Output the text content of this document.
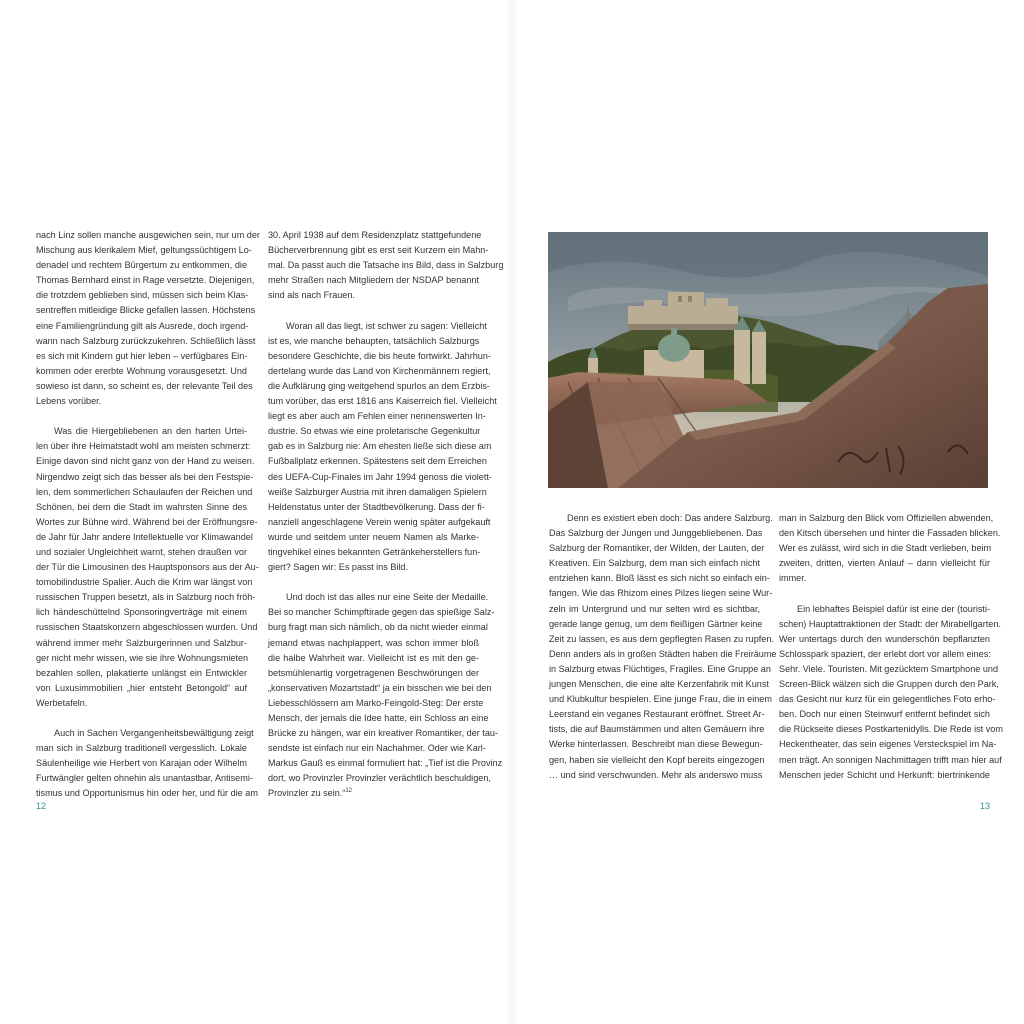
nach Linz sollen manche ausgewichen sein, nur um der
Mischung aus klerikalem Mief, geltungssüchtigem Lo-
denadel und rechtem Bürgertum zu entkommen, die
Thomas Bernhard einst in Rage versetzte. Diejenigen,
die trotzdem geblieben sind, müssen sich beim Klas-
sentreffen mitleidige Blicke gefallen lassen. Höchstens
eine Familiengründung gilt als Ausrede, doch irgend-
wann nach Salzburg zurückzukehren. Schließlich lässt
es sich mit Kindern gut hier leben – verfügbares Ein-
kommen oder ererbte Wohnung vorausgesetzt. Und
sowieso ist dann, so scheint es, der relevante Teil des
Lebens vorüber.
Was die Hiergebliebenen an den harten Urtei-
len über ihre Heimatstadt wohl am meisten schmerzt:
Einige davon sind nicht ganz von der Hand zu weisen.
Nirgendwo zeigt sich das besser als bei den Festspie-
len, dem sommerlichen Schaulaufen der Reichen und
Schönen, bei dem die Stadt im wahrsten Sinne des
Wortes zur Bühne wird. Während bei der Eröffnungsre-
de Jahr für Jahr andere Intellektuelle vor Klimawandel
und sozialer Ungleichheit warnt, stehen draußen vor
der Tür die Limousinen des Hauptsponsors aus der Au-
tomobilindustrie Spalier. Auch die Krim war längst von
russischen Truppen besetzt, als in Salzburg noch fröh-
lich händeschüttelnd Sponsoringverträge mit einem
russischen Staatskonzern abgeschlossen wurden. Und
während immer mehr Salzburgerinnen und Salzbur-
ger nicht mehr wissen, wie sie ihre Wohnungsmieten
bezahlen sollen, plakatierte unlängst ein Entwickler
von Luxusimmobilien „hier entsteht Betongold“ auf
Werbetafeln.
Auch in Sachen Vergangenheitsbewältigung zeigt
man sich in Salzburg traditionell vergesslich. Lokale
Säulenheilige wie Herbert von Karajan oder Wilhelm
Furtwängler gelten ohnehin als unantastbar, Antisemi-
tismus und Opportunismus hin oder her, und für die am
30. April 1938 auf dem Residenzplatz stattgefundene
Bücherverbrennung gibt es erst seit Kurzem ein Mahn-
mal. Da passt auch die Tatsache ins Bild, dass in Salzburg
mehr Straßen nach Mitgliedern der NSDAP benannt
sind als nach Frauen.
Woran all das liegt, ist schwer zu sagen: Vielleicht
ist es, wie manche behaupten, tatsächlich Salzburgs
besondere Geschichte, die bis heute fortwirkt. Jahrhun-
dertelang wurde das Land von Kirchenmännern regiert,
die Aufklärung ging weitgehend spurlos an dem Erzbis-
tum vorüber, das erst 1816 ans Kaiserreich fiel. Vielleicht
liegt es aber auch am Fehlen einer nennenswerten In-
dustrie. So etwas wie eine proletarische Gegenkultur
gab es in Salzburg nie: Am ehesten ließe sich diese am
Fußballplatz erkennen. Spätestens seit dem Erreichen
des UEFA-Cup-Finales im Jahr 1994 genoss die violett-
weiße Salzburger Austria mit ihren damaligen Spielern
Heldenstatus unter der Stadtbevölkerung. Dass der fi-
nanziell angeschlagene Verein wenig später aufgekauft
wurde und seitdem unter neuem Namen als Marke-
tingvehikel eines bekannten Getränkeherstellers fun-
giert? Sagen wir: Es passt ins Bild.
Und doch ist das alles nur eine Seite der Medaille.
Bei so mancher Schimpftirade gegen das spießige Salz-
burg fragt man sich nämlich, ob da nicht wieder einmal
jemand etwas nachplappert, was schon immer bloß
die halbe Wahrheit war. Vielleicht ist es mit den ge-
betsmühlenartig vorgetragenen Beschwörungen der
„konservativen Mozartstadt“ ja ein bisschen wie bei den
Liebesschlössern am Marko-Feingold-Steg: Der erste
Mensch, der jemals die Idee hatte, ein Schloss an eine
Brücke zu hängen, war ein kreativer Romantiker, der tau-
sendste ist einfach nur ein Nachahmer. Oder wie Karl-
Markus Gauß es einmal formuliert hat: „Tief ist die Provinz
dort, wo Provinzler Provinzler verächtlich beschuldigen,
Provinzler zu sein.“$^{12}$
12
Denn es existiert eben doch: Das andere Salzburg.
Das Salzburg der Jungen und Junggebliebenen. Das
Salzburg der Romantiker, der Wilden, der Lauten, der
Kreativen. Ein Salzburg, dem man sich einfach nicht
entziehen kann. Bloß lässt es sich nicht so einfach ein-
fangen. Wie das Rhizom eines Pilzes liegen seine Wur-
zeln im Untergrund und nur selten wird es sichtbar,
gerade lange genug, um dem fleißigen Gärtner keine
Zeit zu lassen, es aus dem gepflegten Rasen zu rupfen.
Denn anders als in großen Städten haben die Freiräume
in Salzburg etwas Flüchtiges, Fragiles. Eine Gruppe an
jungen Menschen, die eine alte Kerzenfabrik mit Kunst
und Klubkultur bespielen. Eine junge Frau, die in einem
Leerstand ein veganes Restaurant eröffnet. Street Ar-
tists, die auf Baumstämmen und alten Gemäuern ihre
Werke hinterlassen. Beschreibt man diese Bewegun-
gen, haben sie vielleicht den Kopf bereits eingezogen
… und sind verschwunden. Mehr als anderswo muss
man in Salzburg den Blick vom Offiziellen abwenden,
den Kitsch übersehen und hinter die Fassaden blicken.
Wer es zulässt, wird sich in die Stadt verlieben, beim
zweiten, dritten, vierten Anlauf – dann vielleicht für
immer.
Ein lebhaftes Beispiel dafür ist eine der (touristi-
schen) Hauptattraktionen der Stadt: der Mirabellgarten.
Wer untertags durch den wunderschön bepflanzten
Schlosspark spaziert, der erlebt dort vor allem eines:
Sehr. Viele. Touristen. Mit gezücktem Smartphone und
Screen-Blick wälzen sich die Gruppen durch den Park,
das Gesicht nur kurz für ein gelegentliches Foto erho-
ben. Doch nur einen Steinwurf entfernt befindet sich
die Rückseite dieses Postkartenidylls. Die Rede ist vom
Heckentheater, das sein eigenes Versteckspiel im Na-
men trägt. An sonnigen Nachmittagen trifft man hier auf
Menschen jeder Schicht und Herkunft: biertrinkende
13
